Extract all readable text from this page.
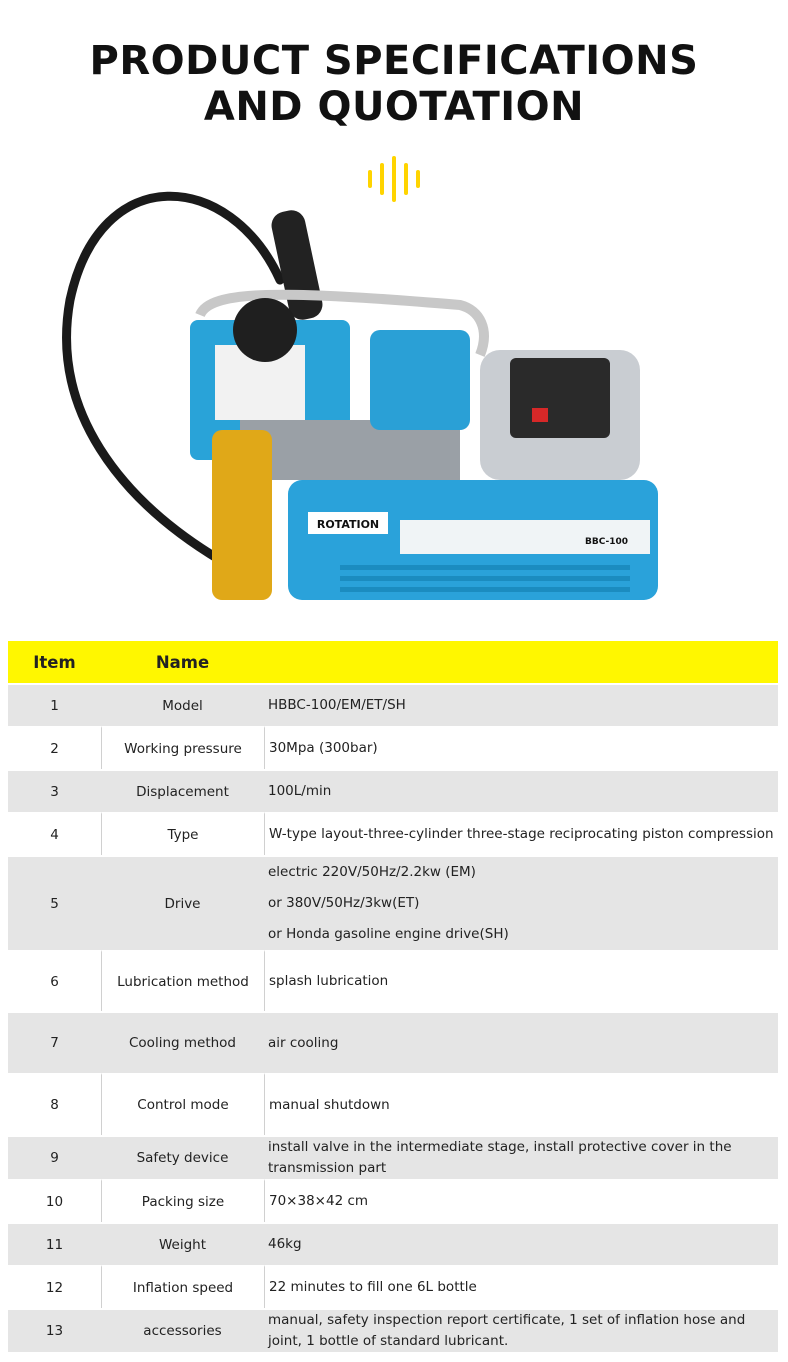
PRODUCT SPECIFICATIONS
AND QUOTATION
ROTATION
BBC-100
Item	Name	
1	Model	HBBC-100/EM/ET/SH
2	Working pressure	30Mpa (300bar)
3	Displacement	100L/min
4	Type	W-type layout-three-cylinder three-stage reciprocating piston compression
5	Drive	electric 220V/50Hz/2.2kw (EM)
or 380V/50Hz/3kw(ET)
or Honda gasoline engine drive(SH)

6	Lubrication method	splash lubrication
7	Cooling method	air cooling
8	Control mode	manual shutdown
9	Safety device	install valve in the intermediate stage, install protective cover in the transmission part
10	Packing size	70×38×42 cm
11	Weight	46kg
12	Inflation speed	22 minutes to fill one 6L bottle
13	accessories	manual, safety inspection report certificate, 1 set of inflation hose and joint, 1 bottle of standard lubricant.
